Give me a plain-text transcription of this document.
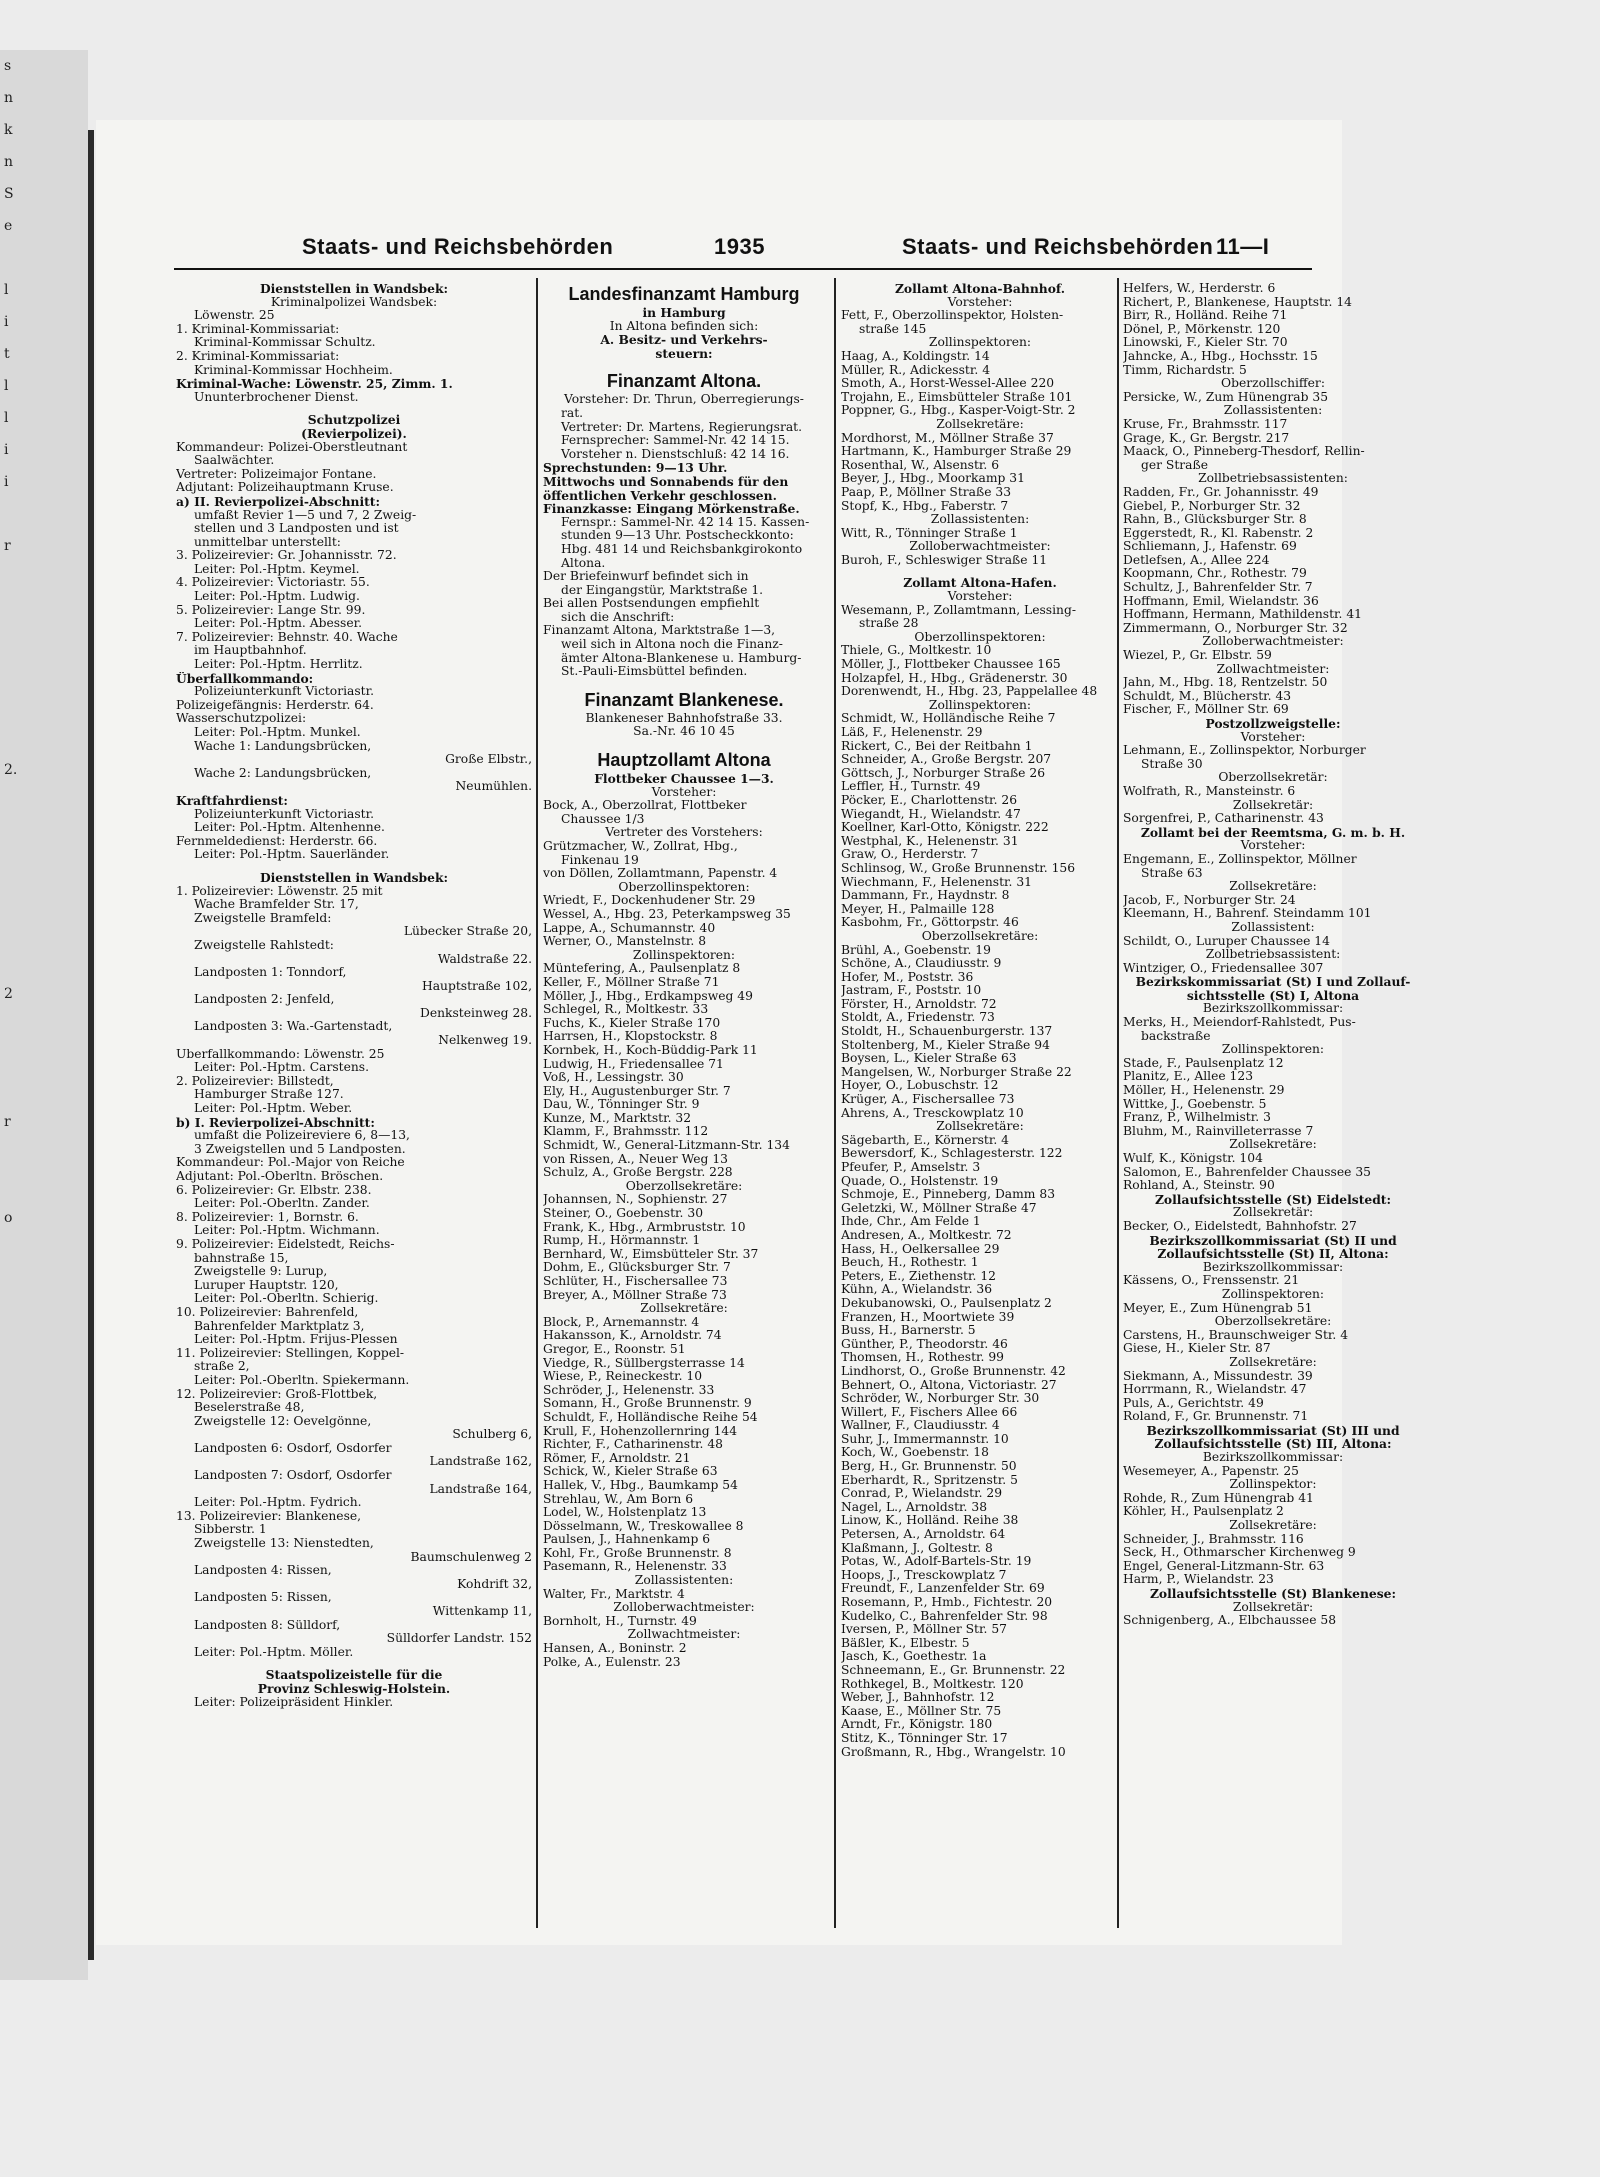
s
n
k
n
S
e

l
i
t
l
l
i
i

r

2.

2

r

o

Staats- und Reichsbehörden	1935	Staats- und Reichsbehörden 11—I
Dienststellen in Wandsbek:
Kriminalpolizei Wandsbek:
Löwenstr. 25
1. Kriminal-Kommissariat:
Kriminal-Kommissar Schultz.
2. Kriminal-Kommissariat:
Kriminal-Kommissar Hochheim.
Kriminal-Wache: Löwenstr. 25, Zimm. 1.
Ununterbrochener Dienst.
Schutzpolizei
(Revierpolizei).
Kommandeur: Polizei-Oberstleutnant
Saalwächter.
Vertreter: Polizeimajor Fontane.
Adjutant: Polizeihauptmann Kruse.
a) II. Revierpolizei-Abschnitt:
umfaßt Revier 1—5 und 7, 2 Zweig-
stellen und 3 Landposten und ist
unmittelbar unterstellt:
3. Polizeirevier: Gr. Johannisstr. 72.
Leiter: Pol.-Hptm. Keymel.
4. Polizeirevier: Victoriastr. 55.
Leiter: Pol.-Hptm. Ludwig.
5. Polizeirevier: Lange Str. 99.
Leiter: Pol.-Hptm. Abesser.
7. Polizeirevier: Behnstr. 40. Wache
im Hauptbahnhof.
Leiter: Pol.-Hptm. Herrlitz.
Überfallkommando:
Polizeiunterkunft Victoriastr.
Polizeigefängnis: Herderstr. 64.
Wasserschutzpolizei:
Leiter: Pol.-Hptm. Munkel.
Wache 1: Landungsbrücken,
Große Elbstr.,
Wache 2: Landungsbrücken,
Neumühlen.
Kraftfahrdienst:
Polizeiunterkunft Victoriastr.
Leiter: Pol.-Hptm. Altenhenne.
Fernmeldedienst: Herderstr. 66.
Leiter: Pol.-Hptm. Sauerländer.
Dienststellen in Wandsbek:
1. Polizeirevier: Löwenstr. 25 mit
Wache Bramfelder Str. 17,
Zweigstelle Bramfeld:
Lübecker Straße 20,
Zweigstelle Rahlstedt:
Waldstraße 22.
Landposten 1: Tonndorf,
Hauptstraße 102,
Landposten 2: Jenfeld,
Denksteinweg 28.
Landposten 3: Wa.-Gartenstadt,
Nelkenweg 19.
Überfallkommando: Löwenstr. 25
Leiter: Pol.-Hptm. Carstens.
2. Polizeirevier: Billstedt,
Hamburger Straße 127.
Leiter: Pol.-Hptm. Weber.
b) I. Revierpolizei-Abschnitt:
umfaßt die Polizeireviere 6, 8—13,
3 Zweigstellen und 5 Landposten.
Kommandeur: Pol.-Major von Reiche
Adjutant: Pol.-Oberltn. Bröschen.
6. Polizeirevier: Gr. Elbstr. 238.
Leiter: Pol.-Oberltn. Zander.
8. Polizeirevier: 1, Bornstr. 6.
Leiter: Pol.-Hptm. Wichmann.
9. Polizeirevier: Eidelstedt, Reichs-
bahnstraße 15,
Zweigstelle 9: Lurup,
Luruper Hauptstr. 120,
Leiter: Pol.-Oberltn. Schierig.
10. Polizeirevier: Bahrenfeld,
Bahrenfelder Marktplatz 3,
Leiter: Pol.-Hptm. Frijus-Plessen
11. Polizeirevier: Stellingen, Koppel-
straße 2,
Leiter: Pol.-Oberltn. Spiekermann.
12. Polizeirevier: Groß-Flottbek,
Beselerstraße 48,
Zweigstelle 12: Oevelgönne,
Schulberg 6,
Landposten 6: Osdorf, Osdorfer
Landstraße 162,
Landposten 7: Osdorf, Osdorfer
Landstraße 164,
Leiter: Pol.-Hptm. Fydrich.
13. Polizeirevier: Blankenese,
Sibberstr. 1
Zweigstelle 13: Nienstedten,
Baumschulenweg 2
Landposten 4: Rissen,
Kohdrift 32,
Landposten 5: Rissen,
Wittenkamp 11,
Landposten 8: Sülldorf,
Sülldorfer Landstr. 152
Leiter: Pol.-Hptm. Möller.
Staatspolizeistelle für die
Provinz Schleswig-Holstein.
Leiter: Polizeipräsident Hinkler.
Landesfinanzamt Hamburg
in Hamburg
In Altona befinden sich:
A. Besitz- und Verkehrs-
steuern:
Finanzamt Altona.
Vorsteher: Dr. Thrun, Oberregierungs-
rat.
Vertreter: Dr. Martens, Regierungsrat.
Fernsprecher: Sammel-Nr. 42 14 15.
Vorsteher n. Dienstschluß: 42 14 16.
Sprechstunden: 9—13 Uhr.
Mittwochs und Sonnabends für den
öffentlichen Verkehr geschlossen.
Finanzkasse: Eingang Mörkenstraße.
Fernspr.: Sammel-Nr. 42 14 15. Kassen-
stunden 9—13 Uhr. Postscheckkonto:
Hbg. 481 14 und Reichsbankgirokonto
Altona.
Der Briefeinwurf befindet sich in
der Eingangstür, Marktstraße 1.
Bei allen Postsendungen empfiehlt
sich die Anschrift:
Finanzamt Altona, Marktstraße 1—3,
weil sich in Altona noch die Finanz-
ämter Altona-Blankenese u. Hamburg-
St.-Pauli-Eimsbüttel befinden.
Finanzamt Blankenese.
Blankeneser Bahnhofstraße 33.
Sa.-Nr. 46 10 45
Hauptzollamt Altona
Flottbeker Chaussee 1—3.
Vorsteher:
Bock, A., Oberzollrat, Flottbeker
Chaussee 1/3
Vertreter des Vorstehers:
Grützmacher, W., Zollrat, Hbg.,
Finkenau 19
von Döllen, Zollamtmann, Papenstr. 4
Oberzollinspektoren:
Wriedt, F., Dockenhudener Str. 29
Wessel, A., Hbg. 23, Peterkampsweg 35
Lappe, A., Schumannstr. 40
Werner, O., Manstelnstr. 8
Zollinspektoren:
Müntefering, A., Paulsenplatz 8
Keller, F., Möllner Straße 71
Möller, J., Hbg., Erdkampsweg 49
Schlegel, R., Moltkestr. 33
Fuchs, K., Kieler Straße 170
Harrsen, H., Klopstockstr. 8
Kornbek, H., Koch-Büddig-Park 11
Ludwig, H., Friedensallee 71
Voß, H., Lessingstr. 30
Ely, H., Augustenburger Str. 7
Dau, W., Tönninger Str. 9
Kunze, M., Marktstr. 32
Klamm, F., Brahmsstr. 112
Schmidt, W., General-Litzmann-Str. 134
von Rissen, A., Neuer Weg 13
Schulz, A., Große Bergstr. 228
Oberzollsekretäre:
Johannsen, N., Sophienstr. 27
Steiner, O., Goebenstr. 30
Frank, K., Hbg., Armbruststr. 10
Rump, H., Hörmannstr. 1
Bernhard, W., Eimsbütteler Str. 37
Dohm, E., Glücksburger Str. 7
Schlüter, H., Fischersallee 73
Breyer, A., Möllner Straße 73
Zollsekretäre:
Block, P., Arnemannstr. 4
Hakansson, K., Arnoldstr. 74
Gregor, E., Roonstr. 51
Viedge, R., Süllbergsterrasse 14
Wiese, P., Reineckestr. 10
Schröder, J., Helenenstr. 33
Somann, H., Große Brunnenstr. 9
Schuldt, F., Holländische Reihe 54
Krull, F., Hohenzollernring 144
Richter, F., Catharinenstr. 48
Römer, F., Arnoldstr. 21
Schick, W., Kieler Straße 63
Hallek, V., Hbg., Baumkamp 54
Strehlau, W., Am Born 6
Lodel, W., Holstenplatz 13
Dösselmann, W., Treskowallee 8
Paulsen, J., Hahnenkamp 6
Kohl, Fr., Große Brunnenstr. 8
Pasemann, R., Helenenstr. 33
Zollassistenten:
Walter, Fr., Marktstr. 4
Zolloberwachtmeister:
Bornholt, H., Turnstr. 49
Zollwachtmeister:
Hansen, A., Boninstr. 2
Polke, A., Eulenstr. 23
Zollamt Altona-Bahnhof.
Vorsteher:
Fett, F., Oberzollinspektor, Holsten-
straße 145
Zollinspektoren:
Haag, A., Koldingstr. 14
Müller, R., Adickesstr. 4
Smoth, A., Horst-Wessel-Allee 220
Trojahn, E., Eimsbütteler Straße 101
Poppner, G., Hbg., Kasper-Voigt-Str. 2
Zollsekretäre:
Mordhorst, M., Möllner Straße 37
Hartmann, K., Hamburger Straße 29
Rosenthal, W., Alsenstr. 6
Beyer, J., Hbg., Moorkamp 31
Paap, P., Möllner Straße 33
Stopf, K., Hbg., Faberstr. 7
Zollassistenten:
Witt, R., Tönninger Straße 1
Zolloberwachtmeister:
Buroh, F., Schleswiger Straße 11
Zollamt Altona-Hafen.
Vorsteher:
Wesemann, P., Zollamtmann, Lessing-
straße 28
Oberzollinspektoren:
Thiele, G., Moltkestr. 10
Möller, J., Flottbeker Chaussee 165
Holzapfel, H., Hbg., Grädenerstr. 30
Dorenwendt, H., Hbg. 23, Pappelallee 48
Zollinspektoren:
Schmidt, W., Holländische Reihe 7
Läß, F., Helenenstr. 29
Rickert, C., Bei der Reitbahn 1
Schneider, A., Große Bergstr. 207
Göttsch, J., Norburger Straße 26
Leffler, H., Turnstr. 49
Pöcker, E., Charlottenstr. 26
Wiegandt, H., Wielandstr. 47
Koellner, Karl-Otto, Königstr. 222
Westphal, K., Helenenstr. 31
Graw, O., Herderstr. 7
Schlinsog, W., Große Brunnenstr. 156
Wiechmann, F., Helenenstr. 31
Dammann, Fr., Haydnstr. 8
Meyer, H., Palmaille 128
Kasbohm, Fr., Göttorpstr. 46
Oberzollsekretäre:
Brühl, A., Goebenstr. 19
Schöne, A., Claudiusstr. 9
Hofer, M., Poststr. 36
Jastram, F., Poststr. 10
Förster, H., Arnoldstr. 72
Stoldt, A., Friedenstr. 73
Stoldt, H., Schauenburgerstr. 137
Stoltenberg, M., Kieler Straße 94
Boysen, L., Kieler Straße 63
Mangelsen, W., Norburger Straße 22
Hoyer, O., Lobuschstr. 12
Krüger, A., Fischersallee 73
Ahrens, A., Tresckowplatz 10
Zollsekretäre:
Sägebarth, E., Körnerstr. 4
Bewersdorf, K., Schlagesterstr. 122
Pfeufer, P., Amselstr. 3
Quade, O., Holstenstr. 19
Schmoje, E., Pinneberg, Damm 83
Geletzki, W., Möllner Straße 47
Ihde, Chr., Am Felde 1
Andresen, A., Moltkestr. 72
Hass, H., Oelkersallee 29
Beuch, H., Rothestr. 1
Peters, E., Ziethenstr. 12
Kühn, A., Wielandstr. 36
Dekubanowski, O., Paulsenplatz 2
Franzen, H., Moortwiete 39
Buss, H., Barnerstr. 5
Günther, P., Theodorstr. 46
Thomsen, H., Rothestr. 99
Lindhorst, O., Große Brunnenstr. 42
Behnert, O., Altona, Victoriastr. 27
Schröder, W., Norburger Str. 30
Willert, F., Fischers Allee 66
Wallner, F., Claudiusstr. 4
Suhr, J., Immermannstr. 10
Koch, W., Goebenstr. 18
Berg, H., Gr. Brunnenstr. 50
Eberhardt, R., Spritzenstr. 5
Conrad, P., Wielandstr. 29
Nagel, L., Arnoldstr. 38
Linow, K., Holländ. Reihe 38
Petersen, A., Arnoldstr. 64
Klaßmann, J., Goltestr. 8
Potas, W., Adolf-Bartels-Str. 19
Hoops, J., Tresckowplatz 7
Freundt, F., Lanzenfelder Str. 69
Rosemann, P., Hmb., Fichtestr. 20
Kudelko, C., Bahrenfelder Str. 98
Iversen, P., Möllner Str. 57
Bäßler, K., Elbestr. 5
Jasch, K., Goethestr. 1a
Schneemann, E., Gr. Brunnenstr. 22
Rothkegel, B., Moltkestr. 120
Weber, J., Bahnhofstr. 12
Kaase, E., Möllner Str. 75
Arndt, Fr., Königstr. 180
Stitz, K., Tönninger Str. 17
Großmann, R., Hbg., Wrangelstr. 10
Helfers, W., Herderstr. 6
Richert, P., Blankenese, Hauptstr. 14
Birr, R., Holländ. Reihe 71
Dönel, P., Mörkenstr. 120
Linowski, F., Kieler Str. 70
Jahncke, A., Hbg., Hochsstr. 15
Timm, Richardstr. 5
Oberzollschiffer:
Persicke, W., Zum Hünengrab 35
Zollassistenten:
Kruse, Fr., Brahmsstr. 117
Grage, K., Gr. Bergstr. 217
Maack, O., Pinneberg-Thesdorf, Rellin-
ger Straße
Zollbetriebsassistenten:
Radden, Fr., Gr. Johannisstr. 49
Giebel, P., Norburger Str. 32
Rahn, B., Glücksburger Str. 8
Eggerstedt, R., Kl. Rabenstr. 2
Schliemann, J., Hafenstr. 69
Detlefsen, A., Allee 224
Koopmann, Chr., Rothestr. 79
Schultz, J., Bahrenfelder Str. 7
Hoffmann, Emil, Wielandstr. 36
Hoffmann, Hermann, Mathildenstr. 41
Zimmermann, O., Norburger Str. 32
Zolloberwachtmeister:
Wiezel, P., Gr. Elbstr. 59
Zollwachtmeister:
Jahn, M., Hbg. 18, Rentzelstr. 50
Schuldt, M., Blücherstr. 43
Fischer, F., Möllner Str. 69
Postzollzweigstelle:
Vorsteher:
Lehmann, E., Zollinspektor, Norburger
Straße 30
Oberzollsekretär:
Wolfrath, R., Mansteinstr. 6
Zollsekretär:
Sorgenfrei, P., Catharinenstr. 43
Zollamt bei der Reemtsma, G. m. b. H.
Vorsteher:
Engemann, E., Zollinspektor, Möllner
Straße 63
Zollsekretäre:
Jacob, F., Norburger Str. 24
Kleemann, H., Bahrenf. Steindamm 101
Zollassistent:
Schildt, O., Luruper Chaussee 14
Zollbetriebsassistent:
Wintziger, O., Friedensallee 307
Bezirkskommissariat (St) I und Zollauf-
sichtsstelle (St) I, Altona
Bezirkszollkommissar:
Merks, H., Meiendorf-Rahlstedt, Pus-
backstraße
Zollinspektoren:
Stade, F., Paulsenplatz 12
Planitz, E., Allee 123
Möller, H., Helenenstr. 29
Wittke, J., Goebenstr. 5
Franz, P., Wilhelmistr. 3
Bluhm, M., Rainvilleterrasse 7
Zollsekretäre:
Wulf, K., Königstr. 104
Salomon, E., Bahrenfelder Chaussee 35
Rohland, A., Steinstr. 90
Zollaufsichtsstelle (St) Eidelstedt:
Zollsekretär:
Becker, O., Eidelstedt, Bahnhofstr. 27
Bezirkszollkommissariat (St) II und
Zollaufsichtsstelle (St) II, Altona:
Bezirkszollkommissar:
Kässens, O., Frenssenstr. 21
Zollinspektoren:
Meyer, E., Zum Hünengrab 51
Oberzollsekretäre:
Carstens, H., Braunschweiger Str. 4
Giese, H., Kieler Str. 87
Zollsekretäre:
Siekmann, A., Missundestr. 39
Horrmann, R., Wielandstr. 47
Puls, A., Gerichtstr. 49
Roland, F., Gr. Brunnenstr. 71
Bezirkszollkommissariat (St) III und
Zollaufsichtsstelle (St) III, Altona:
Bezirkszollkommissar:
Wesemeyer, A., Papenstr. 25
Zollinspektor:
Rohde, R., Zum Hünengrab 41
Köhler, H., Paulsenplatz 2
Zollsekretäre:
Schneider, J., Brahmsstr. 116
Seck, H., Othmarscher Kirchenweg 9
Engel, General-Litzmann-Str. 63
Harm, P., Wielandstr. 23
Zollaufsichtsstelle (St) Blankenese:
Zollsekretär:
Schnigenberg, A., Elbchaussee 58
